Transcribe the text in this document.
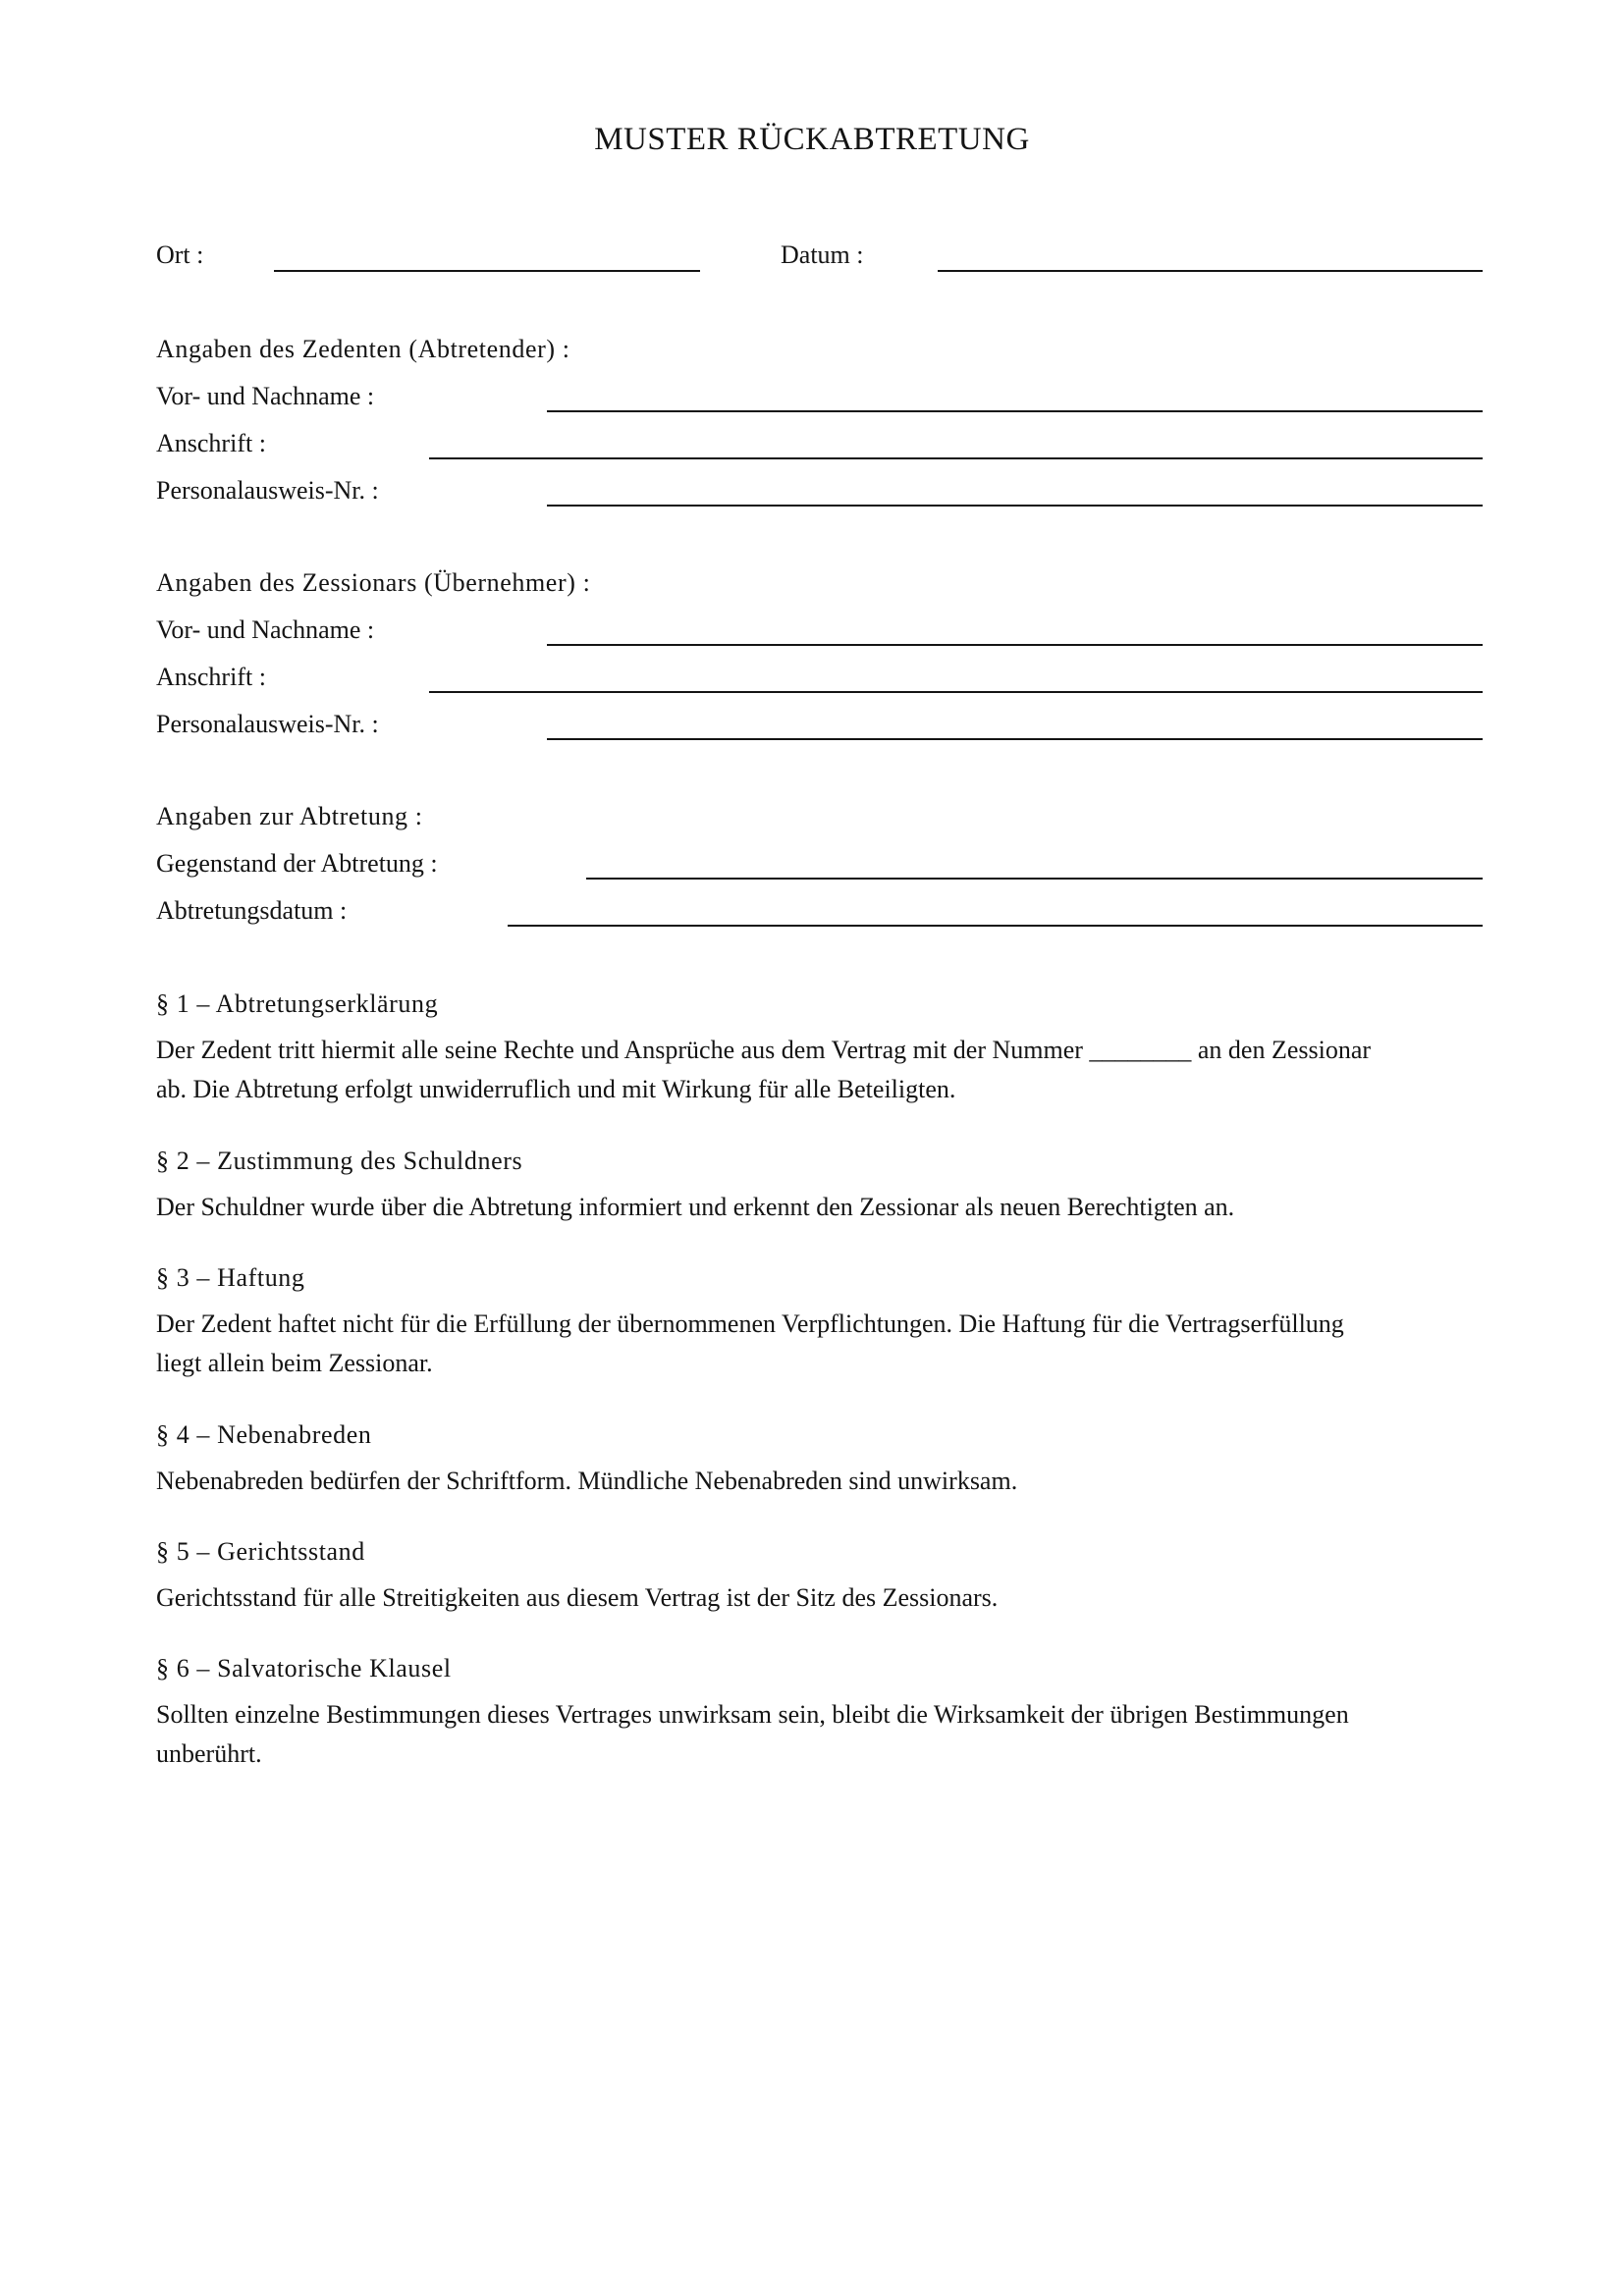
MUSTER RÜCKABTRETUNG
Ort :	Datum :
Angaben des Zedenten (Abtretender) :
Vor- und Nachname :
Anschrift :
Personalausweis-Nr. :
Angaben des Zessionars (Übernehmer) :
Vor- und Nachname :
Anschrift :
Personalausweis-Nr. :
Angaben zur Abtretung :
Gegenstand der Abtretung :
Abtretungsdatum :
§ 1 – Abtretungserklärung

Der Zedent tritt hiermit alle seine Rechte und Ansprüche aus dem Vertrag mit der Nummer ________ an den Zessionar

ab. Die Abtretung erfolgt unwiderruflich und mit Wirkung für alle Beteiligten.

§ 2 – Zustimmung des Schuldners

Der Schuldner wurde über die Abtretung informiert und erkennt den Zessionar als neuen Berechtigten an.

§ 3 – Haftung

Der Zedent haftet nicht für die Erfüllung der übernommenen Verpflichtungen. Die Haftung für die Vertragserfüllung

liegt allein beim Zessionar.

§ 4 – Nebenabreden

Nebenabreden bedürfen der Schriftform. Mündliche Nebenabreden sind unwirksam.

§ 5 – Gerichtsstand

Gerichtsstand für alle Streitigkeiten aus diesem Vertrag ist der Sitz des Zessionars.

§ 6 – Salvatorische Klausel

Sollten einzelne Bestimmungen dieses Vertrages unwirksam sein, bleibt die Wirksamkeit der übrigen Bestimmungen

unberührt.
